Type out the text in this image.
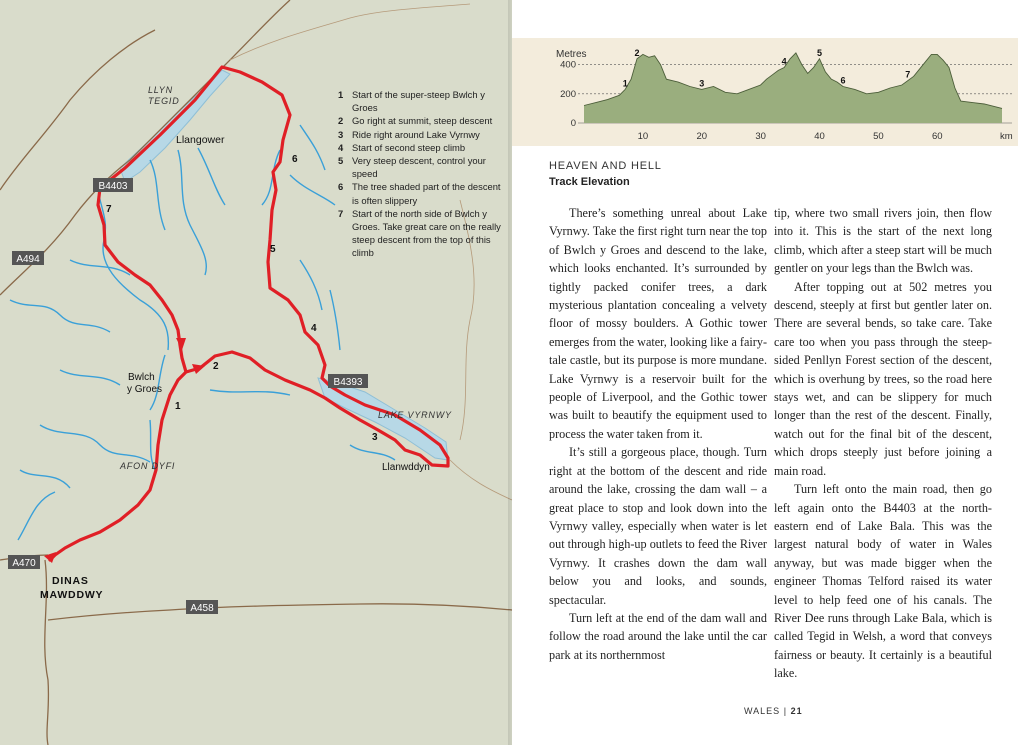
B4403
B4393
A494
A470
A458
LLYN
TEGID
Llangower
Bwlch
y Groes
LAKE VYRNWY
Llanwddyn
AFON DYFI
DINAS
MAWDDWY
1
2
3
4
5
6
7
1 Start of the super-steep Bwlch y Groes
2 Go right at summit, steep descent
3 Ride right around Lake Vyrnwy
4 Start of second steep climb
5 Very steep descent, control your speed
6 The tree shaded part of the descent is often slippery
7 Start of the north side of Bwlch y Groes. Take great care on the really steep descent from the top of this climb
Metres
400
200
0
10	20	30	40	50	60
1
2
3
4
5
6
7
km
HEAVEN AND HELL
Track Elevation

There’s something unreal about Lake Vyrnwy. Take the first right turn near the top of Bwlch y Groes and descend to the lake, which looks enchanted. It’s surrounded by tightly packed conifer trees, a dark mysterious plantation concealing a velvety floor of mossy boulders. A Gothic tower emerges from the water, looking like a fairy-tale castle, but its purpose is more mundane. Lake Vyrnwy is a reservoir built for the people of Liverpool, and the Gothic tower was built to beautify the equipment used to process the water taken from it.

It’s still a gorgeous place, though. Turn right at the bottom of the descent and ride around the lake, crossing the dam wall – a great place to stop and look down into the Vyrnwy valley, especially when water is let out through high-up outlets to feed the River Vyrnwy. It crashes down the dam wall below you and looks, and sounds, spectacular.

Turn left at the end of the dam wall and follow the road around the lake until the car park at its northernmost

tip, where two small rivers join, then flow into it. This is the start of the next long climb, which after a steep start will be much gentler on your legs than the Bwlch was.

After topping out at 502 metres you descend, steeply at first but gentler later on. There are several bends, so take care. Take care too when you pass through the steep-sided Penllyn Forest section of the descent, which is overhung by trees, so the road here stays wet, and can be slippery for much longer than the rest of the descent. Finally, watch out for the final bit of the descent, which drops steeply just before joining a main road.

Turn left onto the main road, then go left again onto the B4403 at the north-eastern end of Lake Bala. This was the largest natural body of water in Wales anyway, but was made bigger when the engineer Thomas Telford raised its water level to help feed one of his canals. The River Dee runs through Lake Bala, which is called Tegid in Welsh, a word that conveys fairness or beauty. It certainly is a beautiful lake.

WALES | 21
